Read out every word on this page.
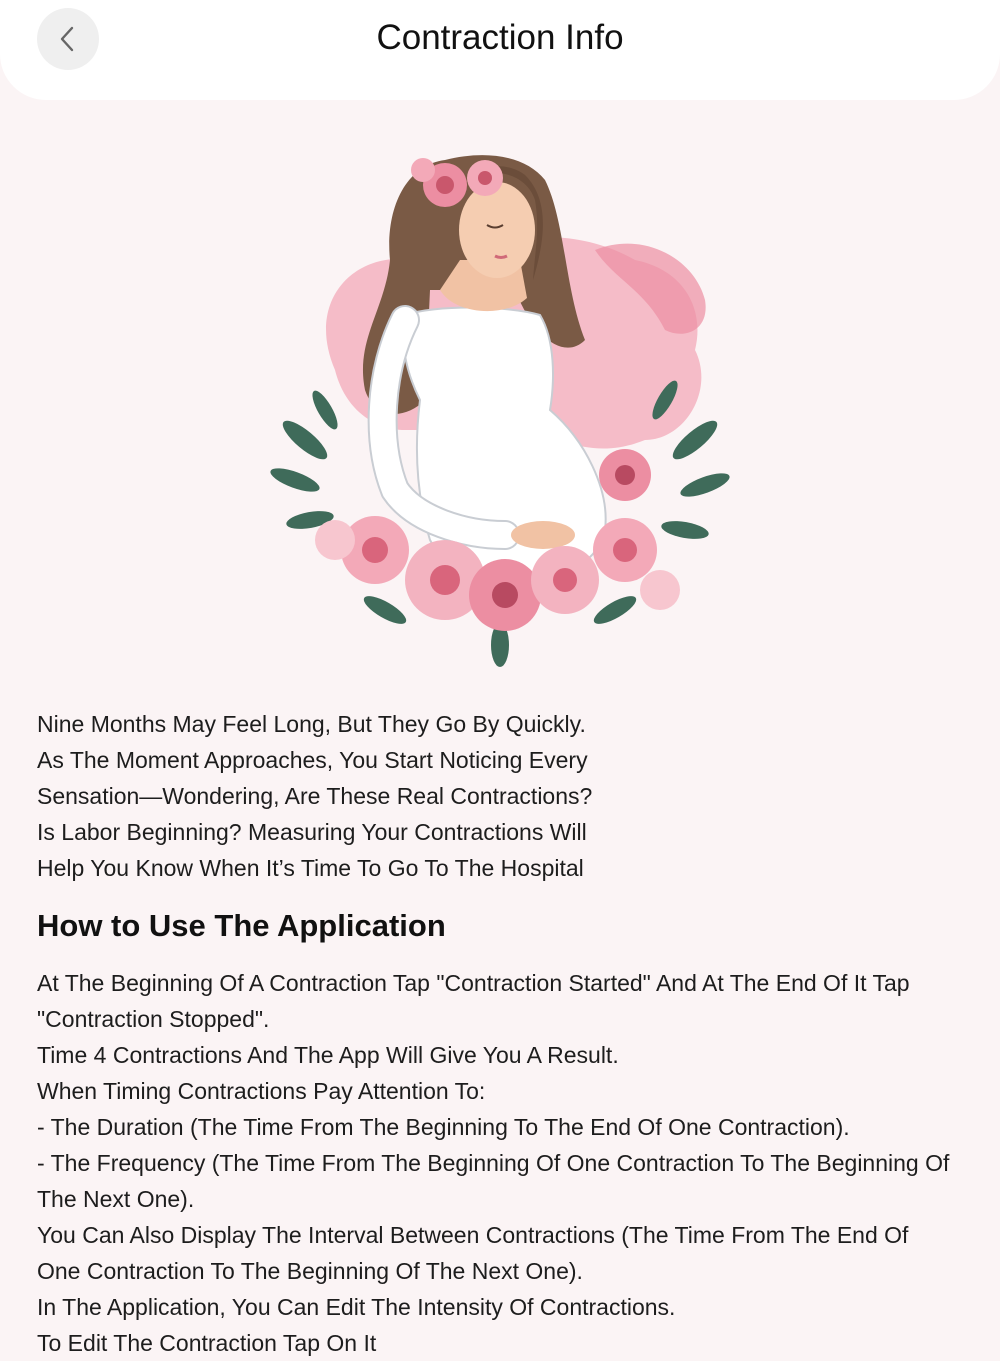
Contraction Info
Nine Months May Feel Long, But They Go By Quickly.
As The Moment Approaches, You Start Noticing Every
Sensation—Wondering, Are These Real Contractions?
Is Labor Beginning? Measuring Your Contractions Will
Help You Know When It’s Time To Go To The Hospital
How to Use The Application

At The Beginning Of A Contraction Tap "Contraction Started" And At The End Of It Tap "Contraction Stopped".

Time 4 Contractions And The App Will Give You A Result.

When Timing Contractions Pay Attention To:

- The Duration (The Time From The Beginning To The End Of One Contraction).

- The Frequency (The Time From The Beginning Of One Contraction To The Beginning Of The Next One).

You Can Also Display The Interval Between Contractions (The Time From The End Of One Contraction To The Beginning Of The Next One).

In The Application, You Can Edit The Intensity Of Contractions.

To Edit The Contraction Tap On It
